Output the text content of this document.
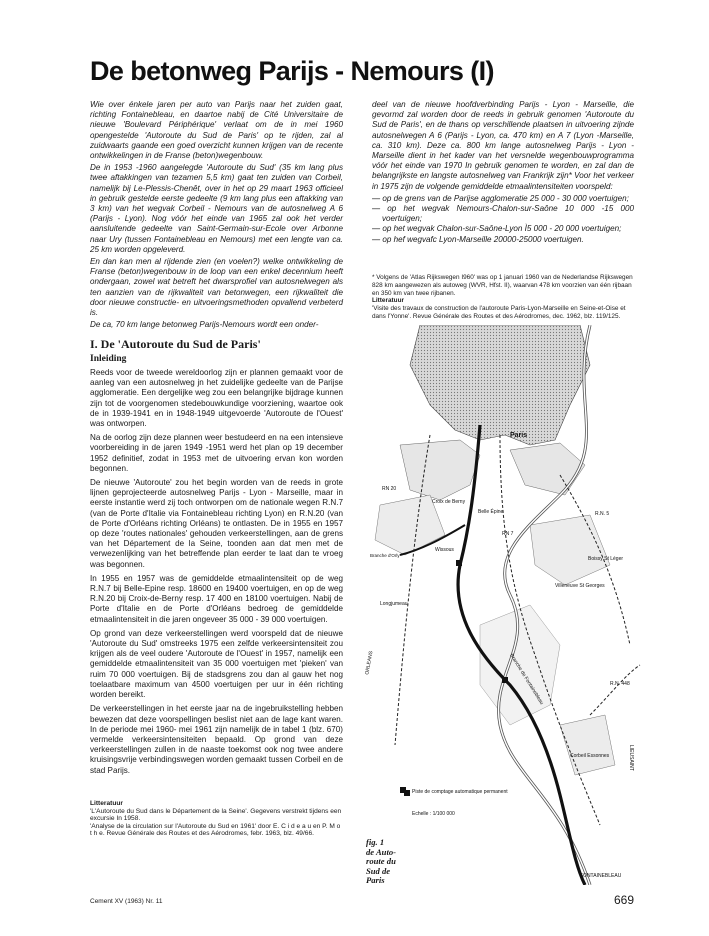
De betonweg Parijs - Nemours (I)

Wie over énkele jaren per auto van Parijs naar het zuiden gaat, richting Fontainebleau, en daartoe nabij de Cité Universitaire de nieuwe 'Boulevard Périphérique' verlaat om de in mei 1960 opengestelde 'Autoroute du Sud de Paris' op te rijden, zal al zuidwaarts gaande een goed overzicht kunnen krijgen van de recente ontwikkelingen in de Franse (beton)wegenbouw.

De in 1953 -1960 aangelegde 'Autoroute du Sud' (35 km lang plus twee aftakkingen van tezamen 5,5 km) gaat ten zuiden van Corbeil, namelijk bij Le-Plessis-Chenêt, over in het op 29 maart 1963 officieel in gebruik gestelde eerste gedeelte (9 km lang plus een aftakking van 3 km) van het wegvak Corbeil - Nemours van de autosnelweg A 6 (Parijs - Lyon). Nog vóór het einde van 1965 zal ook het verder aansluitende gedeelte van Saint-Germain-sur-Ecole over Arbonne naar Ury (tussen Fontainebleau en Nemours) met een lengte van ca. 25 km worden opgeleverd.

En dan kan men al rijdende zien (en voelen?) welke ontwikkeling de Franse (beton)wegenbouw in de loop van een enkel decennium heeft ondergaan, zowel wat betreft het dwarsprofiel van autosnelwegen als ten aanzien van de rijkwaliteit van betonwegen, een rijkwaliteit die door nieuwe constructie- en uitvoeringsmethoden opvallend verbeterd is.

De ca, 70 km lange betonweg Parijs-Nemours wordt een onder-

deel van de nieuwe hoofdverbinding Parijs - Lyon - Marseille, die gevormd zal worden door de reeds in gebruik genomen 'Autoroute du Sud de Paris', en de thans op verschillende plaatsen in uitvoering zijnde autosnelwegen A 6 (Parijs - Lyon, ca. 470 km) en A 7 (Lyon -Marseille, ca. 310 km). Deze ca. 800 km lange autosnelweg Parijs - Lyon - Marseille dient in het kader van het versnelde wegenbouwprogramma vóór het einde van 1970 In gebruik genomen te worden, en zal dan de belangrijkste en langste autosnelweg van Frankrijk zijn* Voor het verkeer in 1975 zijn de volgende gemiddelde etmaalintensiteiten voorspeld:

— op de grens van de Parijse agglomeratie 25 000 - 30 000 voertuigen;
— op het wegvak Nemours-Chalon-sur-Saône 10 000 -15 000 voertuigen;
— op het wegvak Chalon-sur-Saône-Lyon Ì5 000 - 20 000 voertuigen;
— op hef wegvafc Lyon-Marseille 20000-25000 voertuigen.

* Volgens de 'Atlas Rijkswegen I960' was op 1 januari 1960 van de Nederlandse Rijkswegen 828 km aangewezen als autoweg (WVR, Hfst. II), waarvan 478 km voorzien van één rijbaan en 350 km van twee rijbanen.

Litteratuur

'Visite des travaux de construction de l'autoroute Paris-Lyon-Marseille en Seine-et-Oise et dans l'Yonne'. Revue Générale des Routes et des Aérodromes, dec. 1962, blz. 119/125.

I. De 'Autoroute du Sud de Paris'
Inleiding

Reeds voor de tweede wereldoorlog zijn er plannen gemaakt voor de aanleg van een autosnelweg jn het zuidelijke gedeelte van de Parijse agglomeratie. Een dergelijke weg zou een belangrijke bijdrage kunnen zijn tot de voorgenomen stedebouwkundige voorziening, waartoe ook de in 1939-1941 en in 1948-1949 uitgevoerde 'Autoroute de l'Ouest' was ontworpen.

Na de oorlog zijn deze plannen weer bestudeerd en na een intensieve voorbereiding in de jaren 1949 -1951 werd het plan op 19 december 1952 definitief, zodat in 1953 met de uitvoering ervan kon worden begonnen.

De nieuwe 'Autoroute' zou het begin worden van de reeds in grote lijnen geprojecteerde autosnelweg Parijs - Lyon - Marseille, maar in eerste instantie werd zij toch ontworpen om de nationale wegen R.N.7 (van de Porte d'Italie via Fontainebleau richting Lyon) en R.N.20 (van de Porte d'Orléans richting Orléans) te ontlasten. De in 1955 en 1957 op deze 'routes nationales' gehouden verkeerstellingen, aan de grens van het Département de la Seine, toonden aan dat men met de verwezenlijking van het betreffende plan eerder te laat dan te vroeg was begonnen.

In 1955 en 1957 was de gemiddelde etmaalintensiteit op de weg R.N.7 bij Belle-Epine resp. 18600 en 19400 voertuigen, en op de weg R.N.20 bij Croix-de-Berny resp. 17 400 en 18100 voertuigen. Nabij de Porte d'Italie en de Porte d'Orléans bedroeg de gemiddelde etmaalintensiteit in die jaren ongeveer 35 000 - 39 000 voertuigen.

Op grond van deze verkeerstellingen werd voorspeld dat de nieuwe 'Autoroute du Sud' omstreeks 1975 een zelfde verkeersintensiteit zou krijgen als de veel oudere 'Autoroute de l'Ouest' in 1957, namelijk een gemiddelde etmaalintensiteit van 35 000 voertuigen met 'pieken' van ruim 70 000 voertuigen. Bij de stadsgrens zou dan al gauw het nog toelaatbare maximum van 4500 voertuigen per uur in één richting worden bereikt.

De verkeerstellingen in het eerste jaar na de ingebruikstelling hebben bewezen dat deze voorspellingen beslist niet aan de lage kant waren. In de periode mei 1960- mei 1961 zijn namelijk de in tabel 1 (blz. 670) vermelde verkeersintensiteiten bepaald. Op grond van deze verkeerstellingen zullen in de naaste toekomst ook nog twee andere kruisingsvrije verbindingswegen worden gemaakt tussen Corbeil en de stad Parijs.

Litteratuur

'L'Autoroute du Sud dans le Département de la Seine'. Gegevens verstrekt tijdens een excursie In 1958.

'Analyse de la circulation sur l'Autoroute du Sud en 1961' door E. C i d e a u en P. M o t h e. Revue Générale des Routes et des Aérodromes, febr. 1963, blz. 49/66.

Paris
Croix de Berny
Belle Épine
RN 20
RN 7
Branche d'Orly
Wissous
Longjumeau
ORLEANS
Villeneuve St Georges
Boissy St Léger
R.N. 5
Branche de Fontainebleau
Corbeil Essonnes
R.N. 448
LIEUSAINT
FONTAINEBLEAU
Piste de comptage automatique permanent
Echelle : 1/100 000
fig. 1
de Auto-
route du
Sud de
Paris
Cement XV (1963) Nr. 11	669
